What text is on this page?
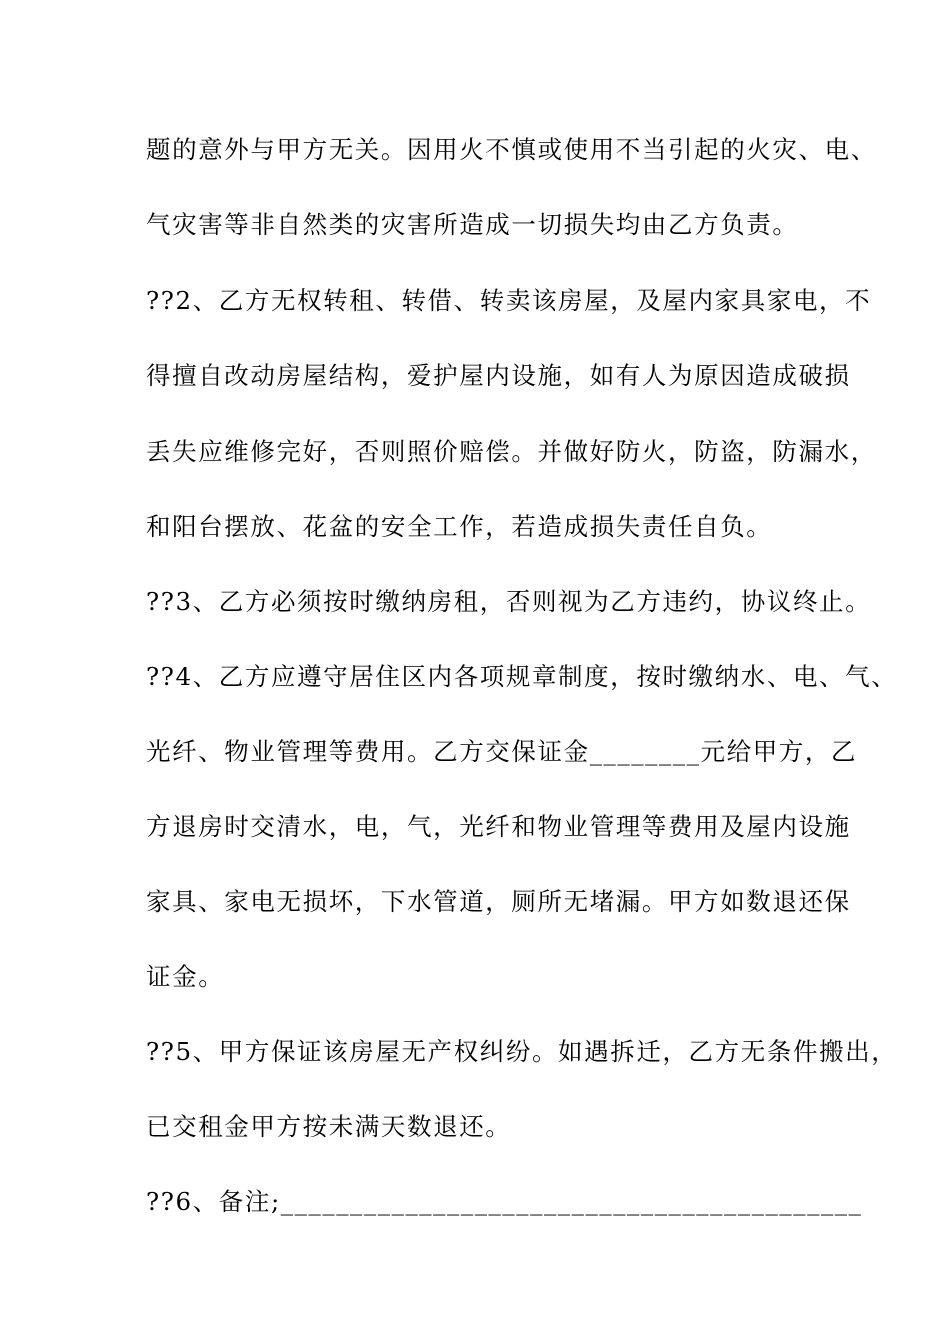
题的意外与甲方无关。因用火不慎或使用不当引起的火灾、电、
气灾害等非自然类的灾害所造成一切损失均由乙方负责。
??2、乙方无权转租、转借、转卖该房屋，及屋内家具家电，不
得擅自改动房屋结构，爱护屋内设施，如有人为原因造成破损
丢失应维修完好，否则照价赔偿。并做好防火，防盗，防漏水，
和阳台摆放、花盆的安全工作，若造成损失责任自负。
??3、乙方必须按时缴纳房租，否则视为乙方违约，协议终止。
??4、乙方应遵守居住区内各项规章制度，按时缴纳水、电、气、
光纤、物业管理等费用。乙方交保证金________元给甲方，乙
方退房时交清水，电，气，光纤和物业管理等费用及屋内设施
家具、家电无损坏，下水管道，厕所无堵漏。甲方如数退还保
证金。
??5、甲方保证该房屋无产权纠纷。如遇拆迁，乙方无条件搬出，
已交租金甲方按未满天数退还。
??6、备注;__________________________________________
